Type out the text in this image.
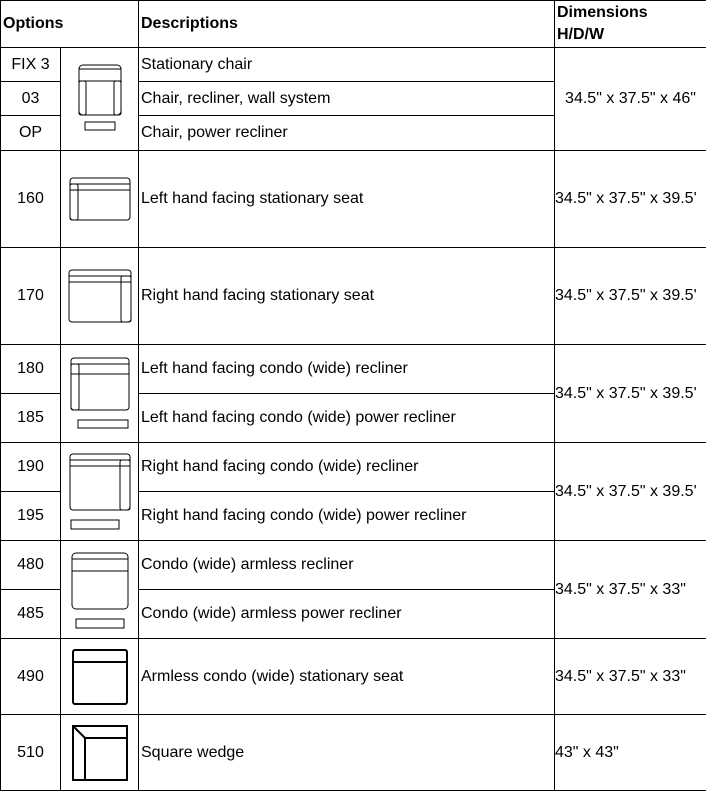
Options		Descriptions	Dimensions
H/D/W

FIX 3		Stationary chair	34.5" x 37.5" x 46"
03		Chair, recliner, wall system	
OP		Chair, power recliner	
160		Left hand facing stationary seat	34.5" x 37.5" x 39.5'
170		Right hand facing stationary seat	34.5" x 37.5" x 39.5'
180		Left hand facing condo (wide) recliner	34.5" x 37.5" x 39.5'
185		Left hand facing condo (wide) power recliner	
190		Right hand facing condo (wide) recliner	34.5" x 37.5" x 39.5'
195		Right hand facing condo (wide) power recliner	
480		Condo (wide) armless recliner	34.5" x 37.5" x 33"
485		Condo (wide) armless power recliner	
490		Armless condo (wide) stationary seat	34.5" x 37.5" x 33"
510		Square wedge	43" x 43"
